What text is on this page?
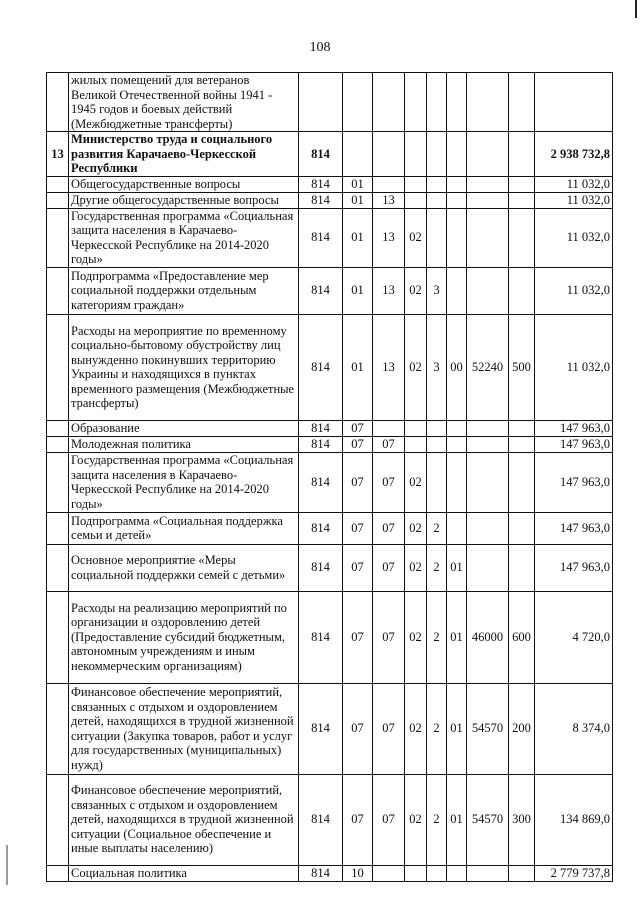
108
	жилых помещений для ветеранов Великой Отечественной войны 1941 - 1945 годов и боевых действий (Межбюджетные трансферты)									
13	Министерство труда и социального развития Карачаево-Черкесской Республики	814								2 938 732,8
	Общегосударственные вопросы	814	01							11 032,0
	Другие общегосударственные вопросы	814	01	13						11 032,0
	Государственная программа «Социальная защита населения в Карачаево-Черкесской Республике на 2014-2020 годы»	814	01	13	02					11 032,0
	Подпрограмма «Предоставление мер социальной поддержки отдельным категориям граждан»	814	01	13	02	3				11 032,0
	Расходы на мероприятие по временному социально-бытовому обустройству лиц вынужденно покинувших территорию Украины и находящихся в пунктах временного размещения (Межбюджетные трансферты)	814	01	13	02	3	00	52240	500	11 032,0
	Образование	814	07							147 963,0
	Молодежная политика	814	07	07						147 963,0
	Государственная программа «Социальная защита населения в Карачаево-Черкесской Республике на 2014-2020 годы»	814	07	07	02					147 963,0
	Подпрограмма «Социальная поддержка семьи и детей»	814	07	07	02	2				147 963,0
	Основное мероприятие «Меры социальной поддержки семей с детьми»	814	07	07	02	2	01			147 963,0
	Расходы на реализацию мероприятий по организации и оздоровлению детей (Предоставление субсидий бюджетным, автономным учреждениям и иным некоммерческим организациям)	814	07	07	02	2	01	46000	600	4 720,0
	Финансовое обеспечение мероприятий, связанных с отдыхом и оздоровлением детей, находящихся в трудной жизненной ситуации (Закупка товаров, работ и услуг для государственных (муниципальных) нужд)	814	07	07	02	2	01	54570	200	8 374,0
	Финансовое обеспечение мероприятий, связанных с отдыхом и оздоровлением детей, находящихся в трудной жизненной ситуации (Социальное обеспечение и иные выплаты населению)	814	07	07	02	2	01	54570	300	134 869,0
	Социальная политика	814	10							2 779 737,8
